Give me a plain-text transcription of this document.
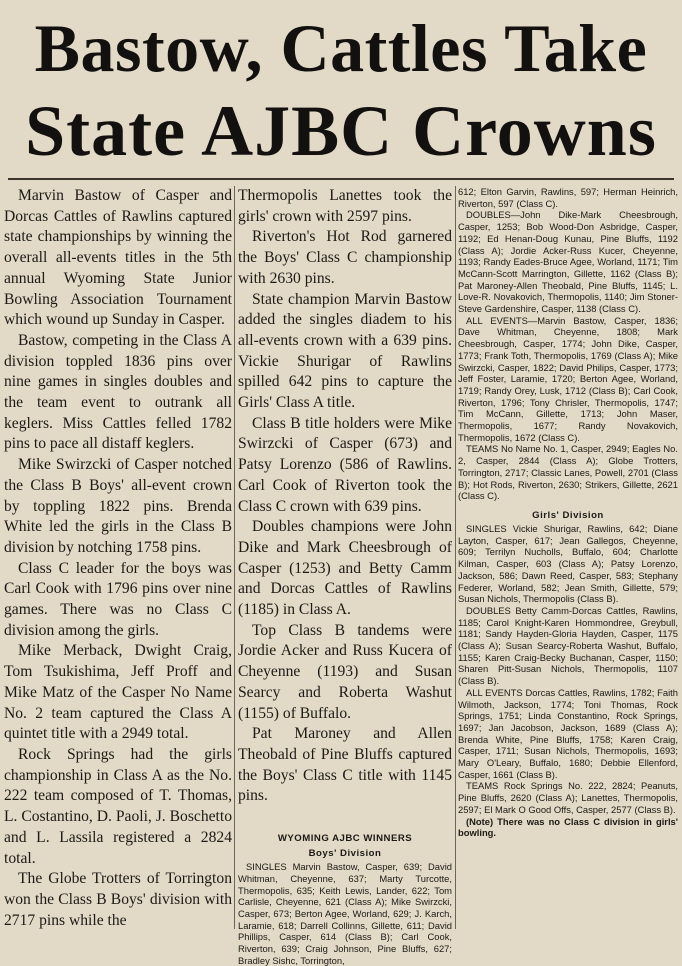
Bastow, Cattles Take
State AJBC Crowns

Marvin Bastow of Casper and Dorcas Cattles of Rawlins captured state championships by winning the overall all-events titles in the 5th annual Wyoming State Junior Bowling Association Tournament which wound up Sunday in Casper.

Bastow, competing in the Class A division toppled 1836 pins over nine games in singles doubles and the team event to outrank all keglers. Miss Cattles felled 1782 pins to pace all distaff keglers.

Mike Swirzcki of Casper notched the Class B Boys' all-event crown by toppling 1822 pins. Brenda White led the girls in the Class B division by notching 1758 pins.

Class C leader for the boys was Carl Cook with 1796 pins over nine games. There was no Class C division among the girls.

Mike Merback, Dwight Craig, Tom Tsukishima, Jeff Proff and Mike Matz of the Casper No Name No. 2 team captured the Class A quintet title with a 2949 total.

Rock Springs had the girls championship in Class A as the No. 222 team composed of T. Thomas, L. Costantino, D. Paoli, J. Boschetto and L. Lassila registered a 2824 total.

The Globe Trotters of Torrington won the Class B Boys' division with 2717 pins while the

Thermopolis Lanettes took the girls' crown with 2597 pins.

Riverton's Hot Rod garnered the Boys' Class C championship with 2630 pins.

State champion Marvin Bastow added the singles diadem to his all-events crown with a 639 pins. Vickie Shurigar of Rawlins spilled 642 pins to capture the Girls' Class A title.

Class B title holders were Mike Swirzcki of Casper (673) and Patsy Lorenzo (586 of Rawlins. Carl Cook of Riverton took the Class C crown with 639 pins.

Doubles champions were John Dike and Mark Cheesbrough of Casper (1253) and Betty Camm and Dorcas Cattles of Rawlins (1185) in Class A.

Top Class B tandems were Jordie Acker and Russ Kucera of Cheyenne (1193) and Susan Searcy and Roberta Washut (1155) of Buffalo.

Pat Maroney and Allen Theobald of Pine Bluffs captured the Boys' Class C title with 1145 pins.

WYOMING AJBC WINNERS
Boys' Division

SINGLES Marvin Bastow, Casper, 639; David Whitman, Cheyenne, 637; Marty Turcotte, Thermopolis, 635; Keith Lewis, Lander, 622; Tom Carlisle, Cheyenne, 621 (Class A); Mike Swirzcki, Casper, 673; Berton Agee, Worland, 629; J. Karch, Laramie, 618; Darrell Collinns, Gillette, 611; David Phillips, Casper, 614 (Class B); Carl Cook, Riverton, 639; Craig Johnson, Pine Bluffs, 627; Bradley Sishc, Torrington,

612; Elton Garvin, Rawlins, 597; Herman Heinrich, Riverton, 597 (Class C).

DOUBLES—John Dike-Mark Cheesbrough, Casper, 1253; Bob Wood-Don Asbridge, Casper, 1192; Ed Henan-Doug Kunau, Pine Bluffs, 1192 (Class A); Jordie Acker-Russ Kucer, Cheyenne, 1193; Randy Eades-Bruce Agee, Worland, 1171; Tim McCann-Scott Marrington, Gillette, 1162 (Class B); Pat Maroney-Allen Theobald, Pine Bluffs, 1145; L. Love-R. Novakovich, Thermopolis, 1140; Jim Stoner-Steve Gardenshire, Casper, 1138 (Class C).

ALL EVENTS—Marvin Bastow, Casper, 1836; Dave Whitman, Cheyenne, 1808; Mark Cheesbrough, Casper, 1774; John Dike, Casper, 1773; Frank Toth, Thermopolis, 1769 (Class A); Mike Swirzcki, Casper, 1822; David Philips, Casper, 1773; Jeff Foster, Laramie, 1720; Berton Agee, Worland, 1719; Randy Orey, Lusk, 1712 (Class B); Carl Cook, Riverton, 1796; Tony Chrisler, Thermopolis, 1747; Tim McCann, Gillette, 1713; John Maser, Thermopolis, 1677; Randy Novakovich, Thermopolis, 1672 (Class C).

TEAMS No Name No. 1, Casper, 2949; Eagles No. 2, Casper, 2844 (Class A); Globe Trotters, Torrington, 2717; Classic Lanes, Powell, 2701 (Class B); Hot Rods, Riverton, 2630; Strikers, Gillette, 2621 (Class C).

Girls' Division

SINGLES Vickie Shurigar, Rawlins, 642; Diane Layton, Casper, 617; Jean Gallegos, Cheyenne, 609; Terrilyn Nucholls, Buffalo, 604; Charlotte Kilman, Casper, 603 (Class A); Patsy Lorenzo, Jackson, 586; Dawn Reed, Casper, 583; Stephany Federer, Worland, 582; Jean Smith, Gillette, 579; Susan Nichols, Thermopolis (Class B).

DOUBLES Betty Camm-Dorcas Cattles, Rawlins, 1185; Carol Knight-Karen Hommondree, Greybull, 1181; Sandy Hayden-Gloria Hayden, Casper, 1175 (Class A); Susan Searcy-Roberta Washut, Buffalo, 1155; Karen Craig-Becky Buchanan, Casper, 1150; Sharen Pitt-Susan Nichols, Thermopolis, 1107 (Class B).

ALL EVENTS Dorcas Cattles, Rawlins, 1782; Faith Wilmoth, Jackson, 1774; Toni Thomas, Rock Springs, 1751; Linda Constantino, Rock Springs, 1697; Jan Jacobson, Jackson, 1689 (Class A); Brenda White, Pine Bluffs, 1758; Karen Craig, Casper, 1711; Susan Nichols, Thermopolis, 1693; Mary O'Leary, Buffalo, 1680; Debbie Ellenford, Casper, 1661 (Class B).

TEAMS Rock Springs No. 222, 2824; Peanuts, Pine Bluffs, 2620 (Class A); Lanettes, Thermopolis, 2597; El Mark O Good Offs, Casper, 2577 (Class B).

(Note) There was no Class C division in girls' bowling.
